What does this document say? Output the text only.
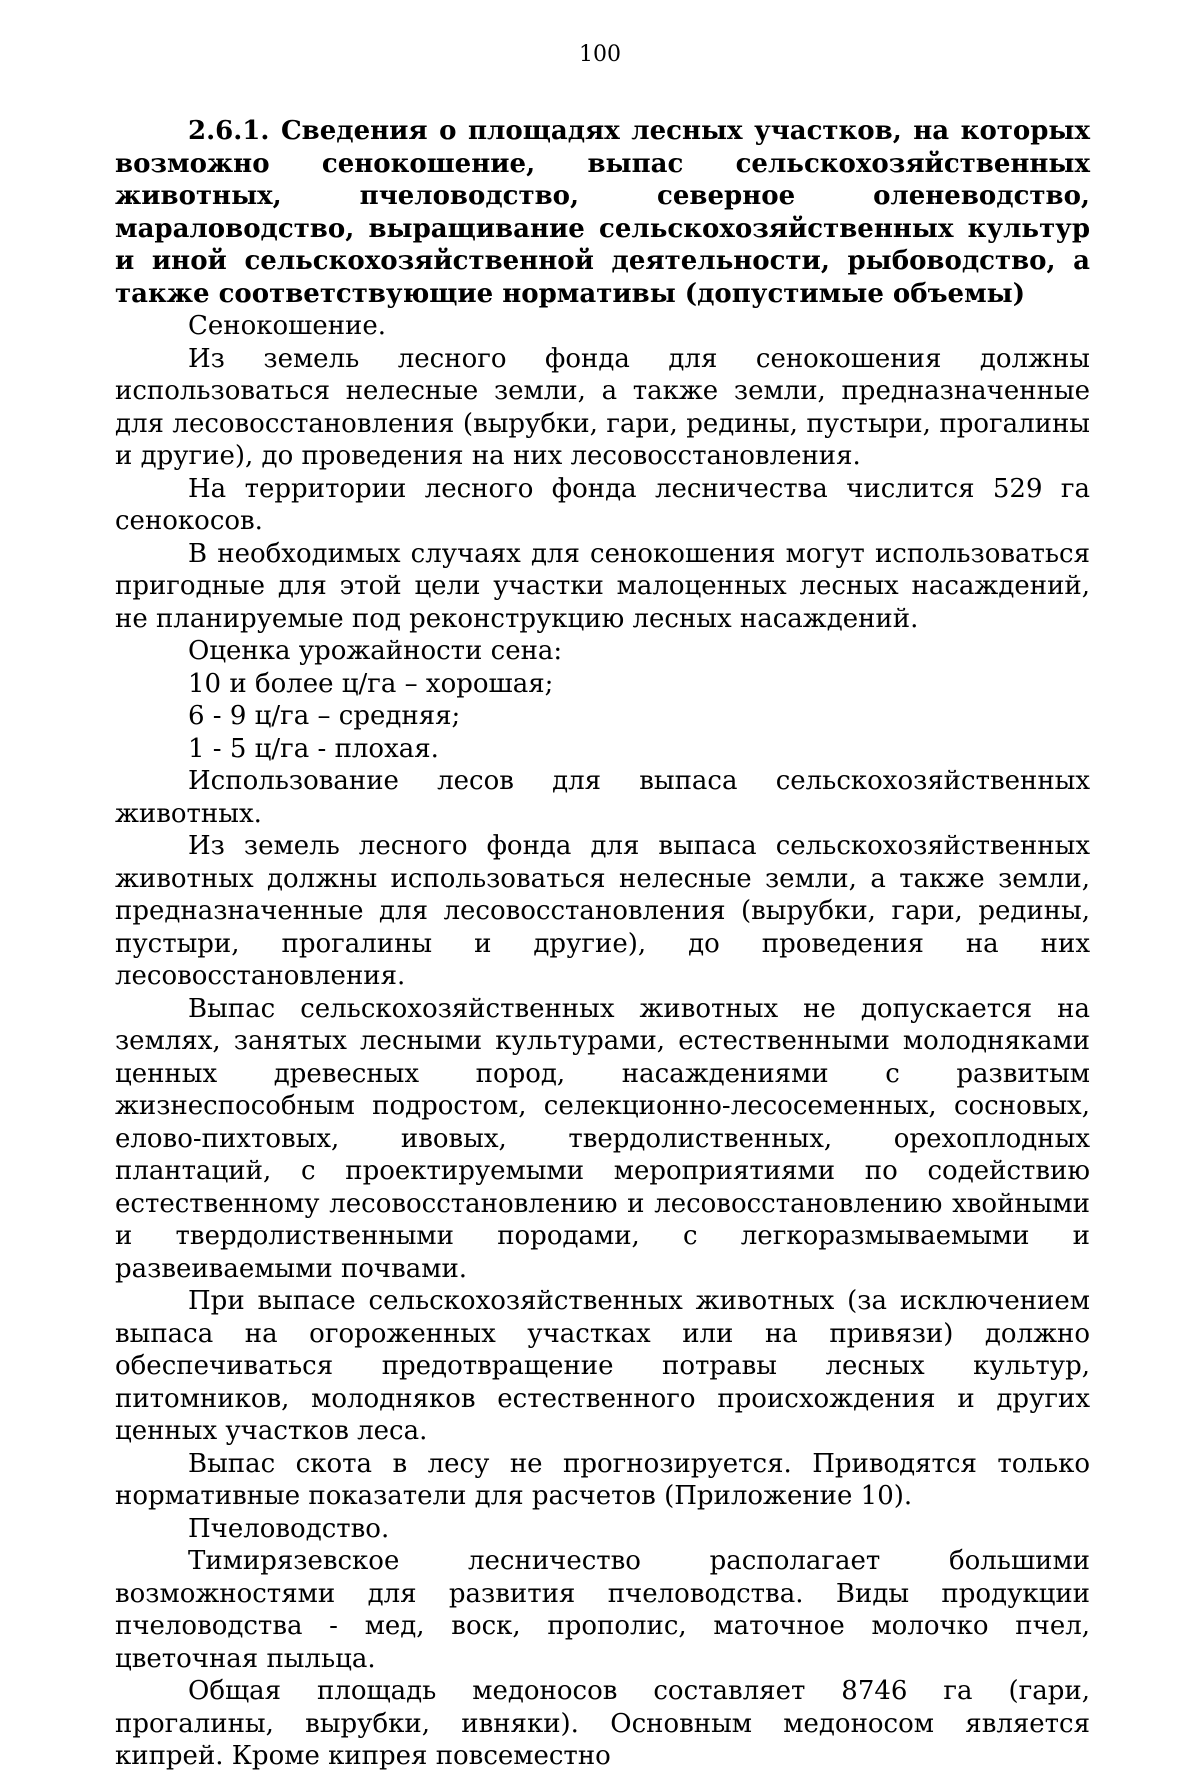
100

2.6.1. Сведения о площадях лесных участков, на которых возможно сенокошение, выпас сельскохозяйственных животных, пчеловодство, северное оленеводство, мараловодство, выращивание сельскохозяйственных культур и иной сельскохозяйственной деятельности, рыбоводство, а также соответствующие нормативы (допустимые объемы)

Сенокошение.

Из земель лесного фонда для сенокошения должны использоваться нелесные земли, а также земли, предназначенные для лесовосстановления (вырубки, гари, редины, пустыри, прогалины и другие), до проведения на них лесовосстановления.

На территории лесного фонда лесничества числится 529 га сенокосов.

В необходимых случаях для сенокошения могут использоваться пригодные для этой цели участки малоценных лесных насаждений, не планируемые под реконструкцию лесных насаждений.

Оценка урожайности сена:

10 и более ц/га – хорошая;

6 - 9 ц/га – средняя;

1 - 5 ц/га - плохая.

Использование лесов для выпаса сельскохозяйственных животных.

Из земель лесного фонда для выпаса сельскохозяйственных животных должны использоваться нелесные земли, а также земли, предназначенные для лесовосстановления (вырубки, гари, редины, пустыри, прогалины и другие), до проведения на них лесовосстановления.

Выпас сельскохозяйственных животных не допускается на землях, занятых лесными культурами, естественными молодняками ценных древесных пород, насаждениями с развитым жизнеспособным подростом, селекционно-лесосеменных, сосновых, елово-пихтовых, ивовых, твердолиственных, орехоплодных плантаций, с проектируемыми мероприятиями по содействию естественному лесовосстановлению и лесовосстановлению хвойными и твердолиственными породами, с легкоразмываемыми и развеиваемыми почвами.

При выпасе сельскохозяйственных животных (за исключением выпаса на огороженных участках или на привязи) должно обеспечиваться предотвращение потравы лесных культур, питомников, молодняков естественного происхождения и других ценных участков леса.

Выпас скота в лесу не прогнозируется. Приводятся только нормативные показатели для расчетов (Приложение 10).

Пчеловодство.

Тимирязевское лесничество располагает большими возможностями для развития пчеловодства. Виды продукции пчеловодства - мед, воск, прополис, маточное молочко пчел, цветочная пыльца.

Общая площадь медоносов составляет 8746 га (гари, прогалины, вырубки, ивняки). Основным медоносом является кипрей. Кроме кипрея повсеместно
